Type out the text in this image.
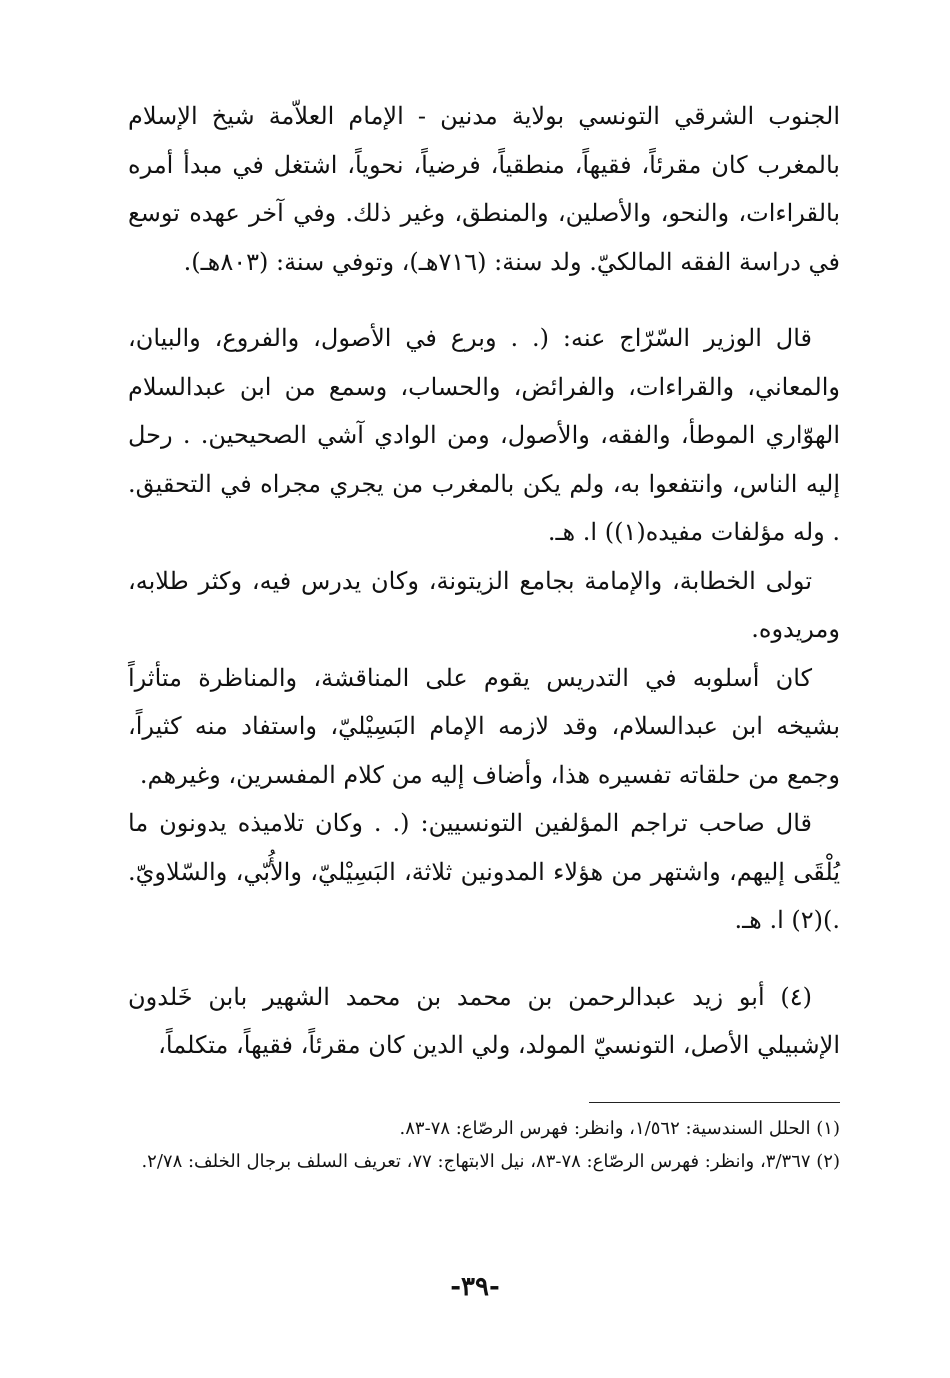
الجنوب الشرقي التونسي بولاية مدنين - الإمام العلاّمة شيخ الإسلام بالمغرب كان مقرئاً، فقيهاً، منطقياً، فرضياً، نحوياً، اشتغل في مبدأ أمره بالقراءات، والنحو، والأصلين، والمنطق، وغير ذلك. وفي آخر عهده توسع في دراسة الفقه المالكيّ. ولد سنة: (٧١٦هـ)، وتوفي سنة: (٨٠٣هـ).

قال الوزير السّرّاج عنه: (. . وبرع في الأصول، والفروع، والبيان، والمعاني، والقراءات، والفرائض، والحساب، وسمع من ابن عبدالسلام الهوّاري الموطأ، والفقه، والأصول، ومن الوادي آشي الصحيحين. . رحل إليه الناس، وانتفعوا به، ولم يكن بالمغرب من يجري مجراه في التحقيق. . وله مؤلفات مفيده(١)) ا. هـ.

تولى الخطابة، والإمامة بجامع الزيتونة، وكان يدرس فيه، وكثر طلابه، ومريدوه.

كان أسلوبه في التدريس يقوم على المناقشة، والمناظرة متأثراً بشيخه ابن عبدالسلام، وقد لازمه الإمام البَسِيْليّ، واستفاد منه كثيراً، وجمع من حلقاته تفسيره هذا، وأضاف إليه من كلام المفسرين، وغيرهم.

قال صاحب تراجم المؤلفين التونسيين: (. . وكان تلاميذه يدونون ما يُلْقَى إليهم، واشتهر من هؤلاء المدونين ثلاثة، البَسِيْليّ، والأُبّي، والسّلاويّ. .)(٢) ا. هـ.

(٤) أبو زيد عبدالرحمن بن محمد بن محمد الشهير بابن خَلدون الإشبيلي الأصل، التونسيّ المولد، ولي الدين كان مقرئاً، فقيهاً، متكلماً،

(١) الحلل السندسية: ١/٥٦٢، وانظر: فهرس الرصّاع: ٧٨-٨٣.

(٢) ٣/٣٦٧، وانظر: فهرس الرصّاع: ٧٨-٨٣، نيل الابتهاج: ٧٧، تعريف السلف برجال الخلف: ٢/٧٨.

-٣٩-
